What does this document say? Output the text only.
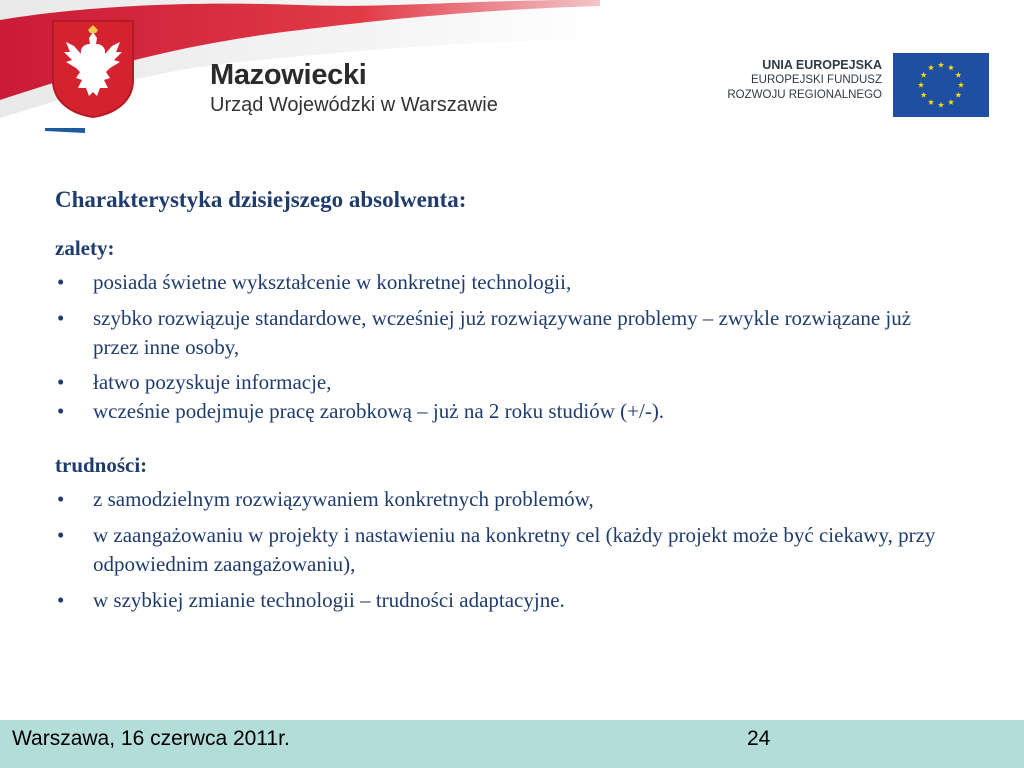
Mazowiecki
Urząd Wojewódzki w Warszawie
UNIA EUROPEJSKA
EUROPEJSKI FUNDUSZ
ROZWOJU REGIONALNEGO
Charakterystyka dzisiejszego absolwenta:
zalety:
• posiada świetne wykształcenie w konkretnej technologii,
• szybko rozwiązuje standardowe, wcześniej już rozwiązywane problemy – zwykle rozwiązane już przez inne osoby,
• łatwo pozyskuje informacje,
• wcześnie podejmuje pracę zarobkową – już na 2 roku studiów (+/-).
trudności:
• z samodzielnym rozwiązywaniem konkretnych problemów,
• w zaangażowaniu w projekty i nastawieniu na konkretny cel (każdy projekt może być ciekawy, przy odpowiednim zaangażowaniu),
• w szybkiej zmianie technologii – trudności adaptacyjne.
Warszawa, 16 czerwca 2011r.	24
